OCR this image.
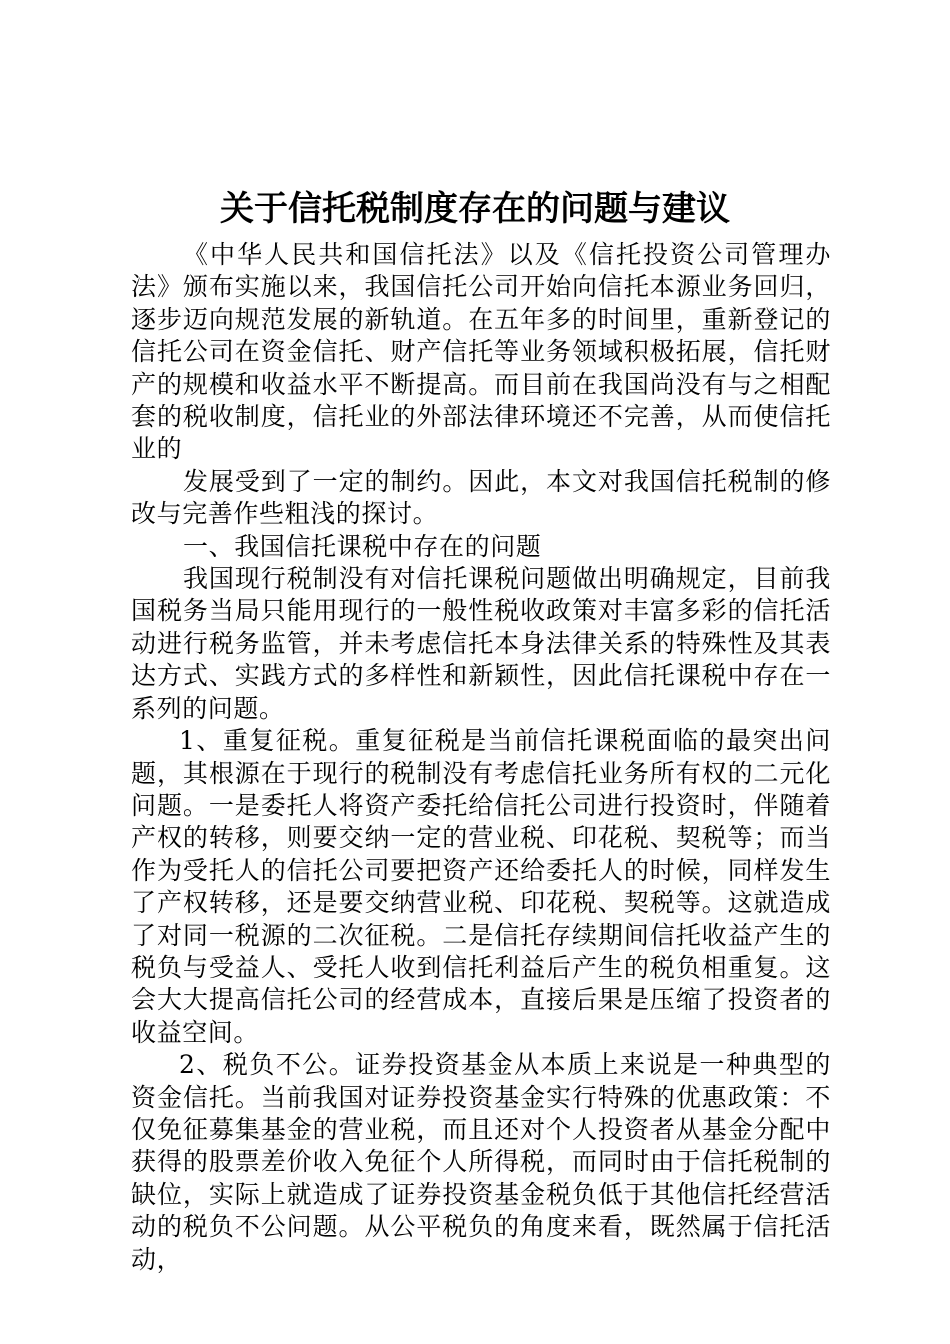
关于信托税制度存在的问题与建议

《中华人民共和国信托法》以及《信托投资公司管理办法》颁布实施以来，我国信托公司开始向信托本源业务回归，逐步迈向规范发展的新轨道。在五年多的时间里，重新登记的信托公司在资金信托、财产信托等业务领域积极拓展，信托财产的规模和收益水平不断提高。而目前在我国尚没有与之相配套的税收制度，信托业的外部法律环境还不完善，从而使信托业的

发展受到了一定的制约。因此，本文对我国信托税制的修改与完善作些粗浅的探讨。

一、我国信托课税中存在的问题

我国现行税制没有对信托课税问题做出明确规定，目前我国税务当局只能用现行的一般性税收政策对丰富多彩的信托活动进行税务监管，并未考虑信托本身法律关系的特殊性及其表达方式、实践方式的多样性和新颖性，因此信托课税中存在一系列的问题。

1、重复征税。重复征税是当前信托课税面临的最突出问题，其根源在于现行的税制没有考虑信托业务所有权的二元化问题。一是委托人将资产委托给信托公司进行投资时，伴随着产权的转移，则要交纳一定的营业税、印花税、契税等；而当作为受托人的信托公司要把资产还给委托人的时候，同样发生了产权转移，还是要交纳营业税、印花税、契税等。这就造成了对同一税源的二次征税。二是信托存续期间信托收益产生的税负与受益人、受托人收到信托利益后产生的税负相重复。这会大大提高信托公司的经营成本，直接后果是压缩了投资者的收益空间。

2、税负不公。证券投资基金从本质上来说是一种典型的资金信托。当前我国对证券投资基金实行特殊的优惠政策：不仅免征募集基金的营业税，而且还对个人投资者从基金分配中获得的股票差价收入免征个人所得税，而同时由于信托税制的缺位，实际上就造成了证券投资基金税负低于其他信托经营活动的税负不公问题。从公平税负的角度来看，既然属于信托活动，
